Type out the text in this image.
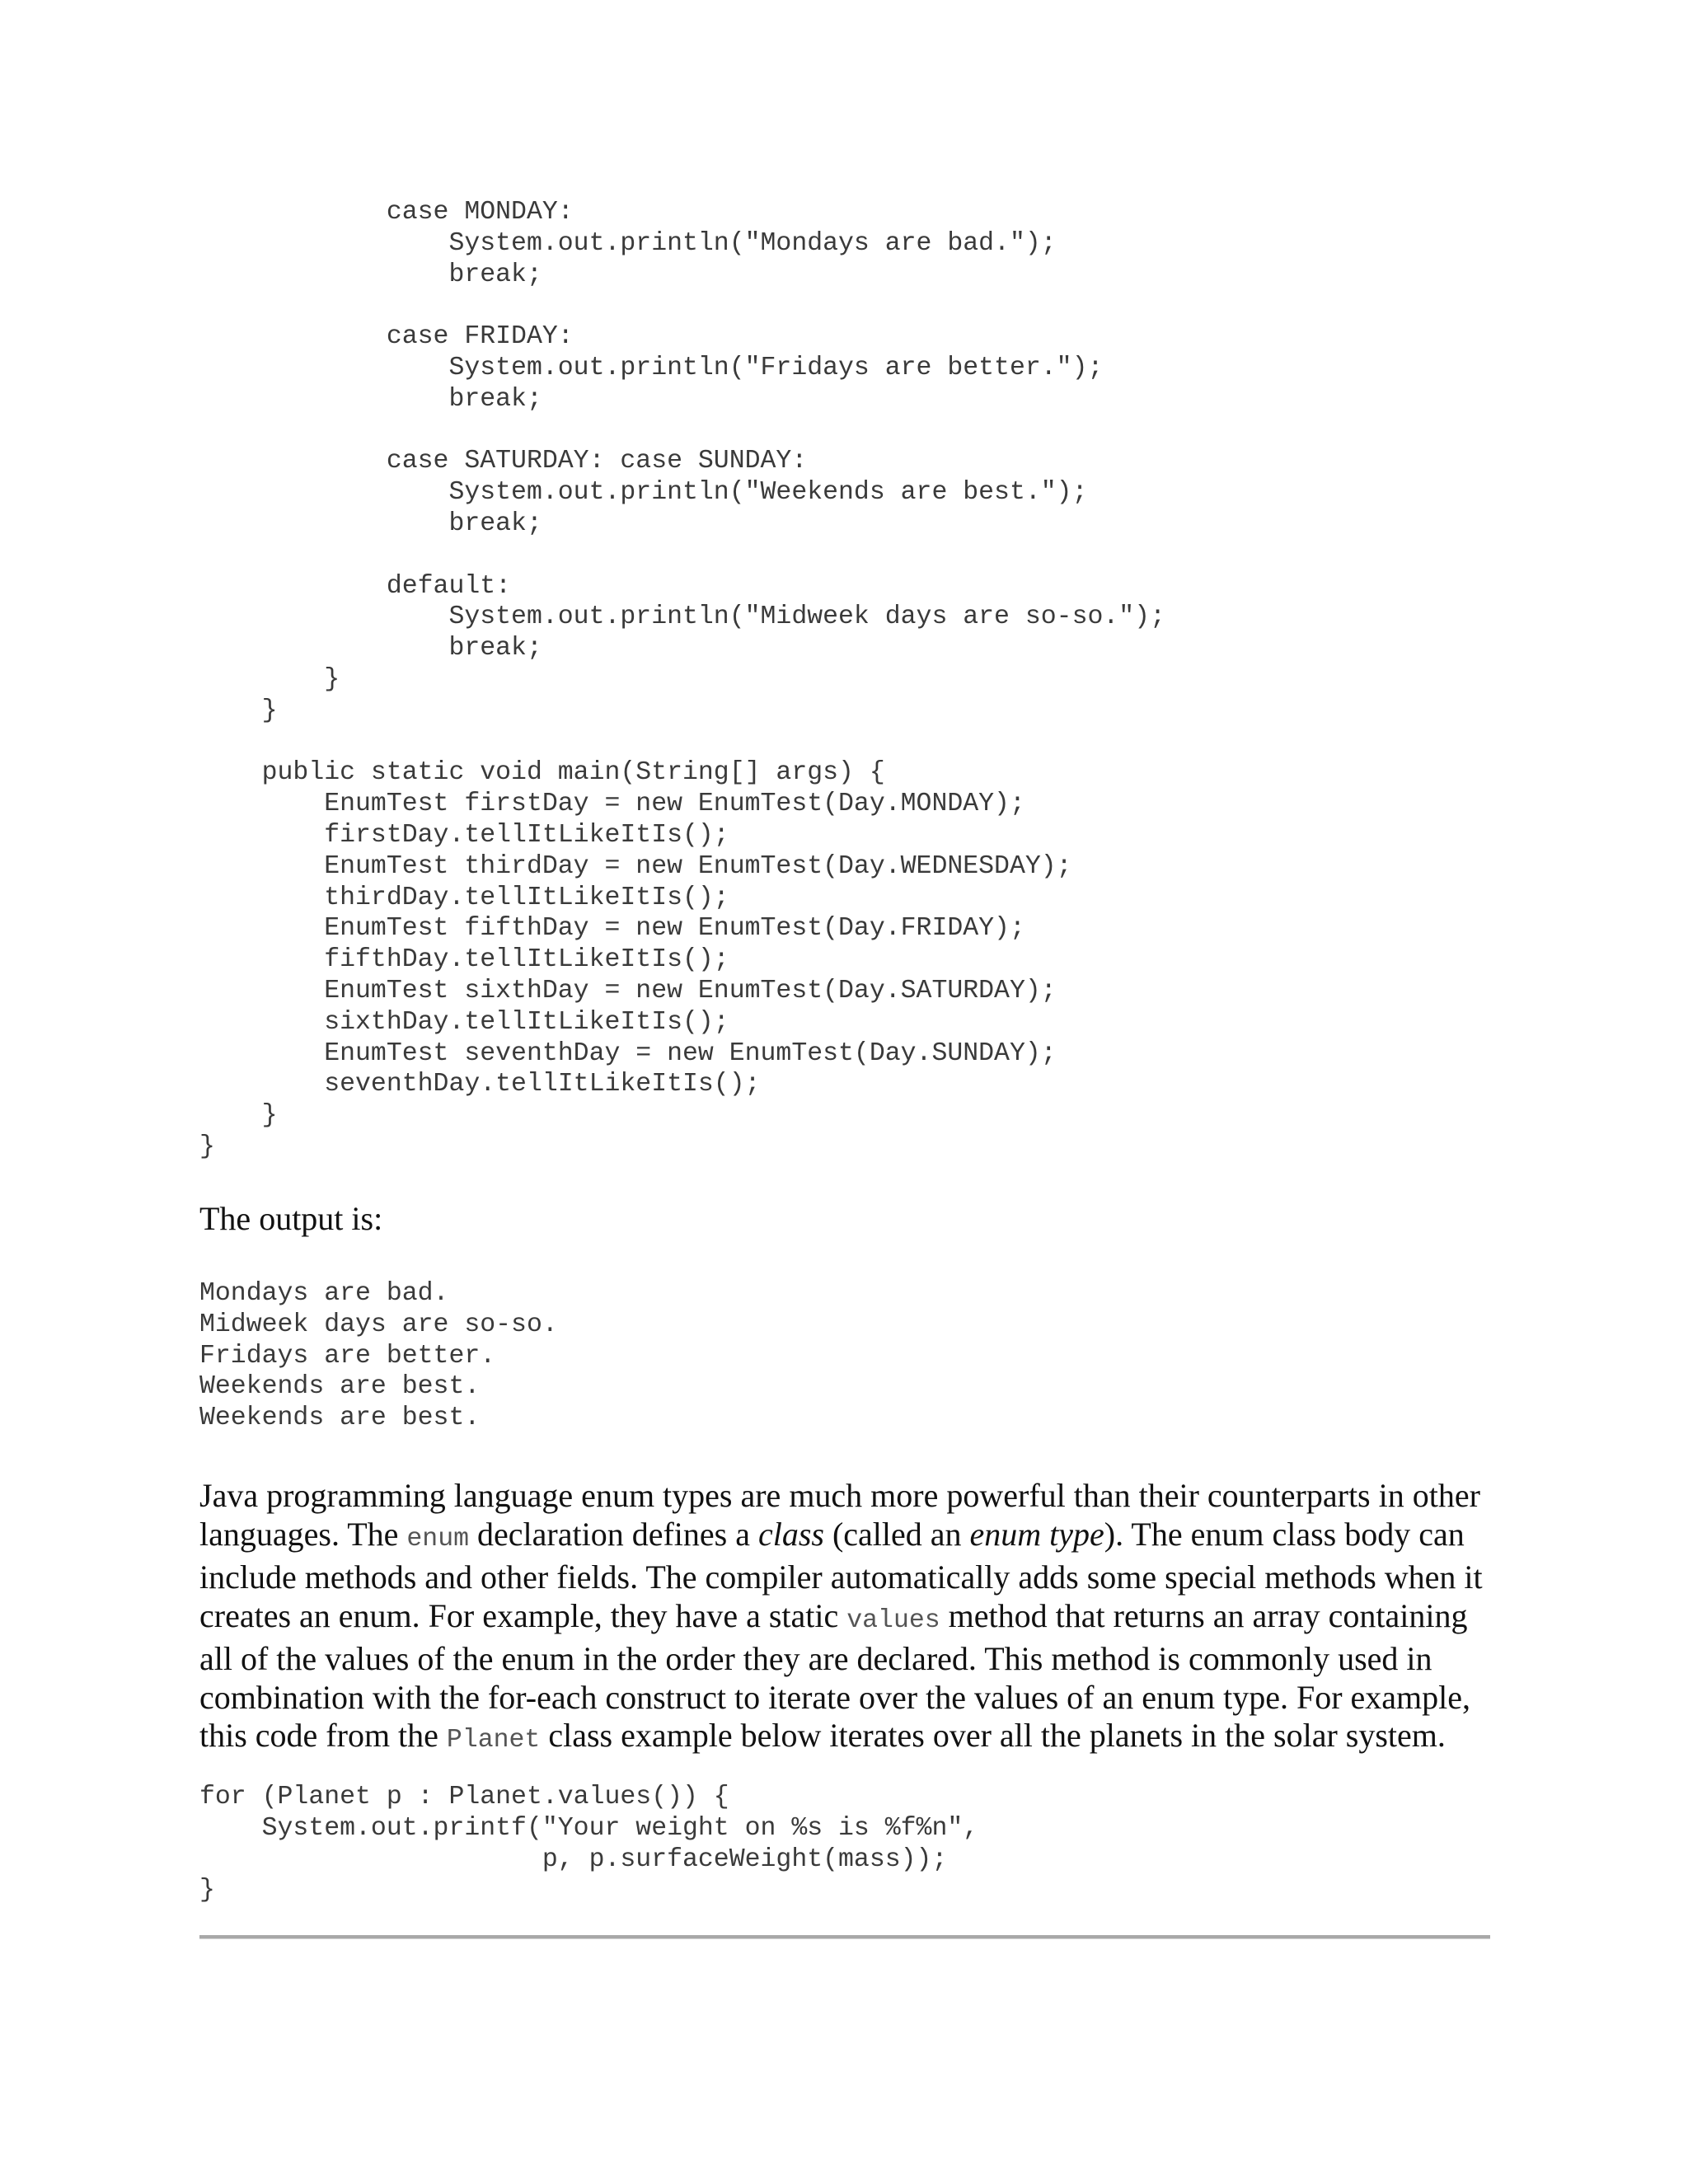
case MONDAY:
System.out.println("Mondays are bad.");
break;
case FRIDAY:
System.out.println("Fridays are better.");
break;
case SATURDAY: case SUNDAY:
System.out.println("Weekends are best.");
break;
default:
System.out.println("Midweek days are so-so.");
break;
}
}
public static void main(String[] args) {
EnumTest firstDay = new EnumTest(Day.MONDAY);
firstDay.tellItLikeItIs();
EnumTest thirdDay = new EnumTest(Day.WEDNESDAY);
thirdDay.tellItLikeItIs();
EnumTest fifthDay = new EnumTest(Day.FRIDAY);
fifthDay.tellItLikeItIs();
EnumTest sixthDay = new EnumTest(Day.SATURDAY);
sixthDay.tellItLikeItIs();
EnumTest seventhDay = new EnumTest(Day.SUNDAY);
seventhDay.tellItLikeItIs();
}
}

The output is:

Mondays are bad.
Midweek days are so-so.
Fridays are better.
Weekends are best.
Weekends are best.

Java programming language enum types are much more powerful than their counterparts in other languages. The enum declaration defines a class (called an enum type). The enum class body can include methods and other fields. The compiler automatically adds some special methods when it creates an enum. For example, they have a static values method that returns an array containing all of the values of the enum in the order they are declared. This method is commonly used in combination with the for-each construct to iterate over the values of an enum type. For example, this code from the Planet class example below iterates over all the planets in the solar system.

for (Planet p : Planet.values()) {
System.out.printf("Your weight on %s is %f%n",
p, p.surfaceWeight(mass));
}
